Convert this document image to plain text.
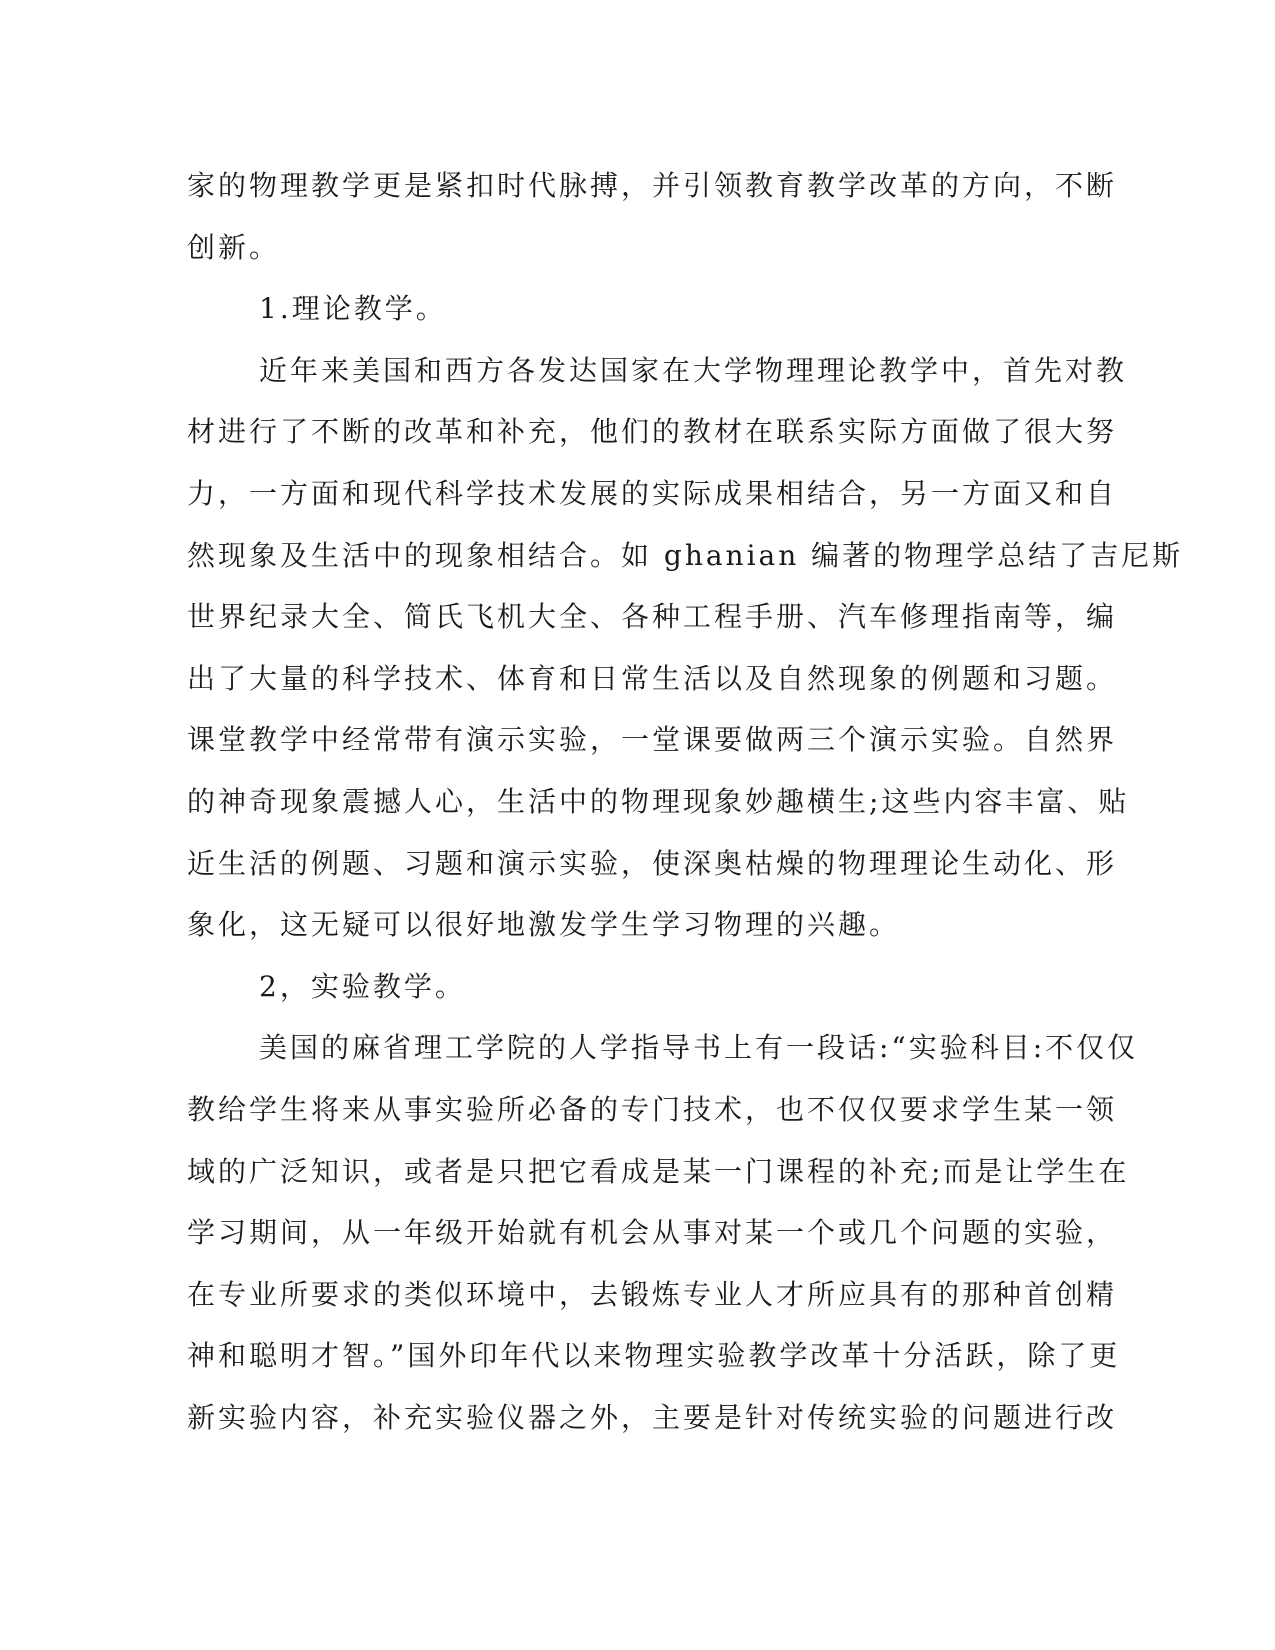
家的物理教学更是紧扣时代脉搏，并引领教育教学改革的方向，不断
创新。
1.理论教学。
近年来美国和西方各发达国家在大学物理理论教学中，首先对教
材进行了不断的改革和补充，他们的教材在联系实际方面做了很大努
力，一方面和现代科学技术发展的实际成果相结合，另一方面又和自
然现象及生活中的现象相结合。如 ghanian 编著的物理学总结了吉尼斯
世界纪录大全、简氏飞机大全、各种工程手册、汽车修理指南等，编
出了大量的科学技术、体育和日常生活以及自然现象的例题和习题。
课堂教学中经常带有演示实验，一堂课要做两三个演示实验。自然界
的神奇现象震撼人心，生活中的物理现象妙趣横生;这些内容丰富、贴
近生活的例题、习题和演示实验，使深奥枯燥的物理理论生动化、形
象化，这无疑可以很好地激发学生学习物理的兴趣。
2，实验教学。
美国的麻省理工学院的人学指导书上有一段话:“实验科目:不仅仅
教给学生将来从事实验所必备的专门技术，也不仅仅要求学生某一领
域的广泛知识，或者是只把它看成是某一门课程的补充;而是让学生在
学习期间，从一年级开始就有机会从事对某一个或几个问题的实验，
在专业所要求的类似环境中，去锻炼专业人才所应具有的那种首创精
神和聪明才智。”国外印年代以来物理实验教学改革十分活跃，除了更
新实验内容，补充实验仪器之外，主要是针对传统实验的问题进行改
